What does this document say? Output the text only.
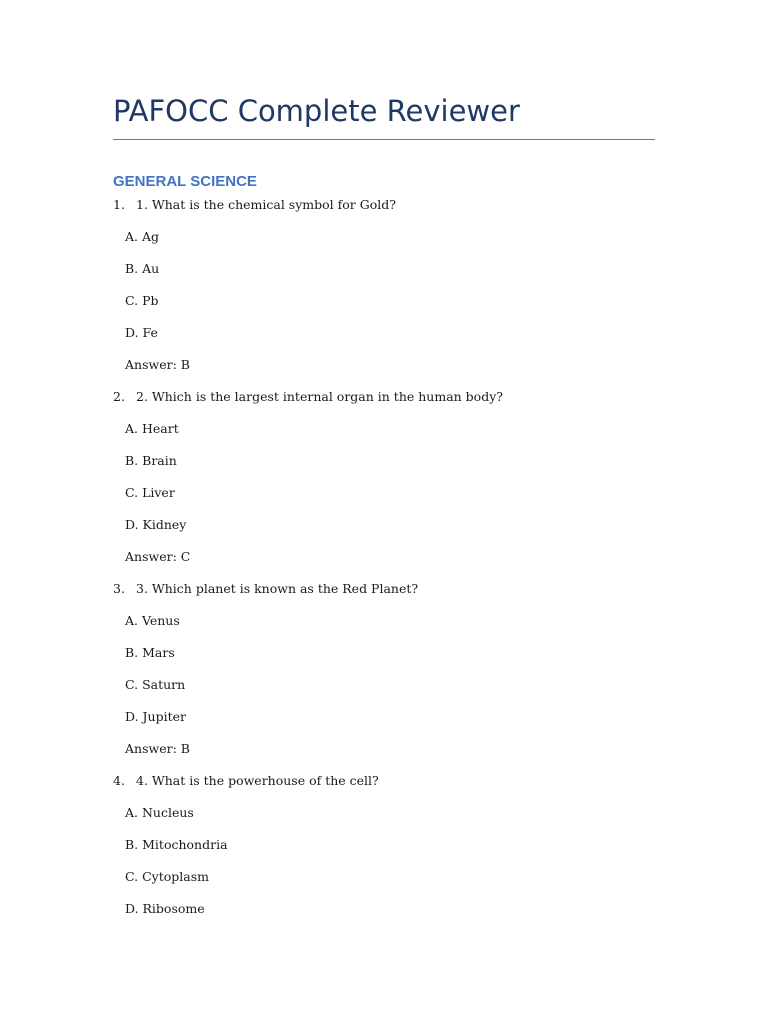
PAFOCC Complete Reviewer
GENERAL SCIENCE
1. 1. What is the chemical symbol for Gold?
A. Ag
B. Au
C. Pb
D. Fe
Answer: B
2. 2. Which is the largest internal organ in the human body?
A. Heart
B. Brain
C. Liver
D. Kidney
Answer: C
3. 3. Which planet is known as the Red Planet?
A. Venus
B. Mars
C. Saturn
D. Jupiter
Answer: B
4. 4. What is the powerhouse of the cell?
A. Nucleus
B. Mitochondria
C. Cytoplasm
D. Ribosome
